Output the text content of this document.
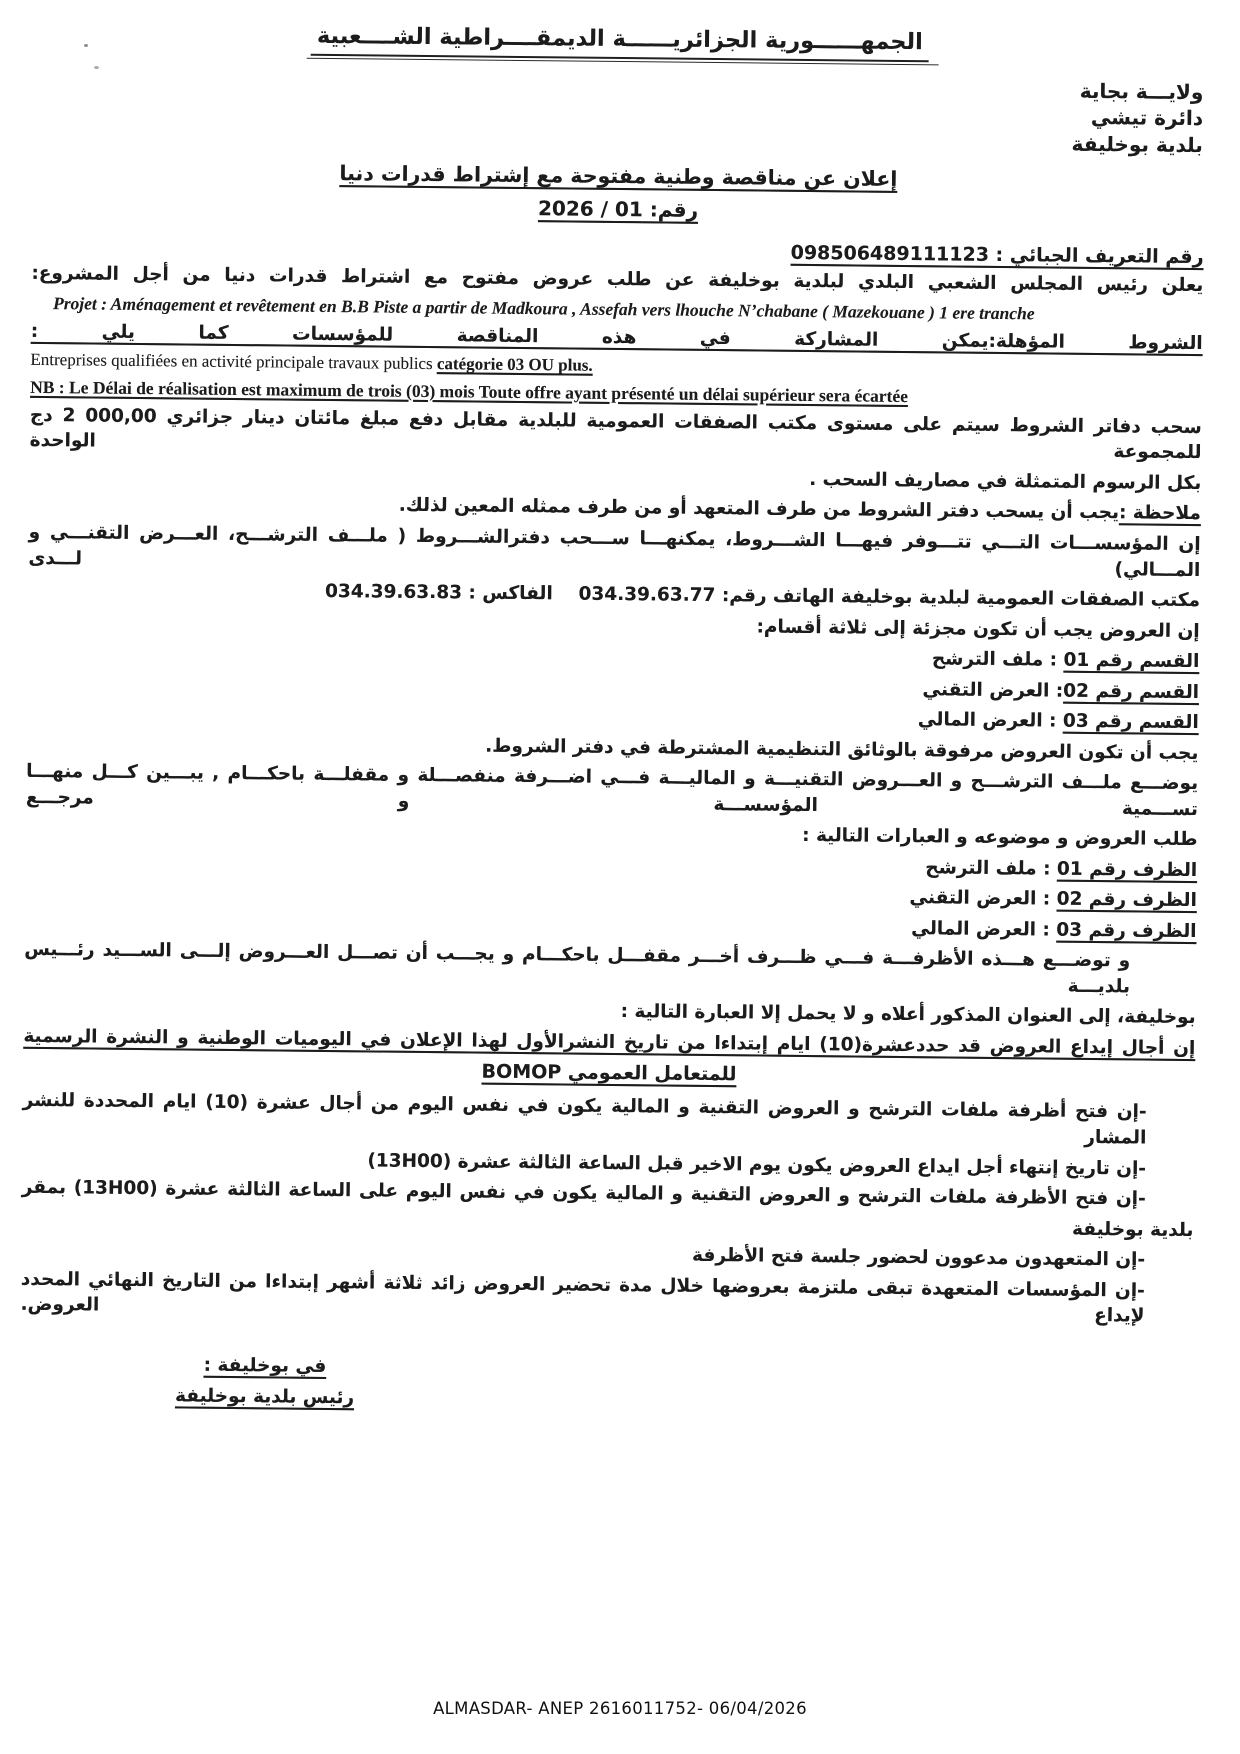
الجمهــــــورية الجزائريــــــة الديمقــــراطية الشــــعبية
ولايـــة بجاية
دائرة تيشي
بلدية بوخليفة

إعلان عن مناقصة وطنية مفتوحة مع إشتراط قدرات دنيا

رقم: 01 / 2026

رقم التعريف الجبائي : 098506489111123

يعلن رئيس المجلس الشعبي البلدي لبلدية بوخليفة عن طلب عروض مفتوح مع اشتراط قدرات دنيا من أجل المشروع:

Projet : Aménagement et revêtement en B.B Piste a partir de Madkoura , Assefah vers lhouche N’chabane ( Mazekouane ) 1 ere tranche

الشروط المؤهلة:يمكن المشاركة في هذه المناقصة للمؤسسات كما يلي :

Entreprises qualifiées en activité principale travaux publics catégorie 03 OU plus.

NB : Le Délai de réalisation est maximum de trois (03) mois Toute offre ayant présenté un délai supérieur sera écartée

سحب دفاتر الشروط سيتم على مستوى مكتب الصفقات العمومية للبلدية مقابل دفع مبلغ مائتان دينار جزائري 2 000,00 دج للمجموعة الواحدة

بكل الرسوم المتمثلة في مصاريف السحب .

ملاحظة :يجب أن يسحب دفتر الشروط من طرف المتعهد أو من طرف ممثله المعين لذلك.

إن المؤسســـات التـــي تتـــوفر فيهـــا الشـــروط، يمكنهـــا ســـحب دفترالشـــروط ( ملـــف الترشـــح، العـــرض التقنـــي و المـــالي) لـــدى

مكتب الصفقات العمومية لبلدية بوخليفة الهاتف رقم: 034.39.63.77    الفاكس : 034.39.63.83

إن العروض يجب أن تكون مجزئة إلى ثلاثة أقسام:

القسم رقم 01 : ملف الترشح

القسم رقم 02: العرض التقني

القسم رقم 03 : العرض المالي

يجب أن تكون العروض مرفوقة بالوثائق التنظيمية المشترطة في دفتر الشروط.

يوضـــع ملـــف الترشـــح و العـــروض التقنيـــة و الماليـــة فـــي اضـــرفة منفصـــلة و مقفلـــة باحكـــام , يبـــين كـــل منهـــا تســـمية المؤسســـة و مرجـــع

طلب العروض و موضوعه و العبارات التالية :

الظرف رقم 01 : ملف الترشح

الظرف رقم 02 : العرض التقني

الظرف رقم 03 : العرض المالي

و توضـــع هـــذه الأظرفـــة فـــي ظـــرف أخـــر مقفـــل باحكـــام و يجـــب أن تصـــل العـــروض إلـــى الســـيد رئـــيس بلديـــة

بوخليفة، إلى العنوان المذكور أعلاه و لا يحمل إلا العبارة التالية :

إن أجال إيداع العروض قد حددعشرة(10) ايام إبتداءا من تاريخ النشرالأول لهذا الإعلان في اليوميات الوطنية و النشرة الرسمية

للمتعامل العمومي BOMOP

-إن فتح أظرفة ملفات الترشح و العروض التقنية و المالية يكون في نفس اليوم من أجال عشرة (10) ايام المحددة للنشر المشار

-إن تاريخ إنتهاء أجل ايداع العروض يكون يوم الاخير قبل الساعة الثالثة عشرة (13H00)

-إن فتح الأظرفة ملفات الترشح و العروض التقنية و المالية يكون في نفس اليوم على الساعة الثالثة عشرة (13H00) بمقر

بلدية بوخليفة

-إن المتعهدون مدعوون لحضور جلسة فتح الأظرفة

-إن المؤسسات المتعهدة تبقى ملتزمة بعروضها خلال مدة تحضير العروض زائد ثلاثة أشهر إبتداءا من التاريخ النهائي المحدد لإيداع العروض.

في بوخليفة :
رئيس بلدية بوخليفة
ALMASDAR- ANEP 2616011752- 06/04/2026
